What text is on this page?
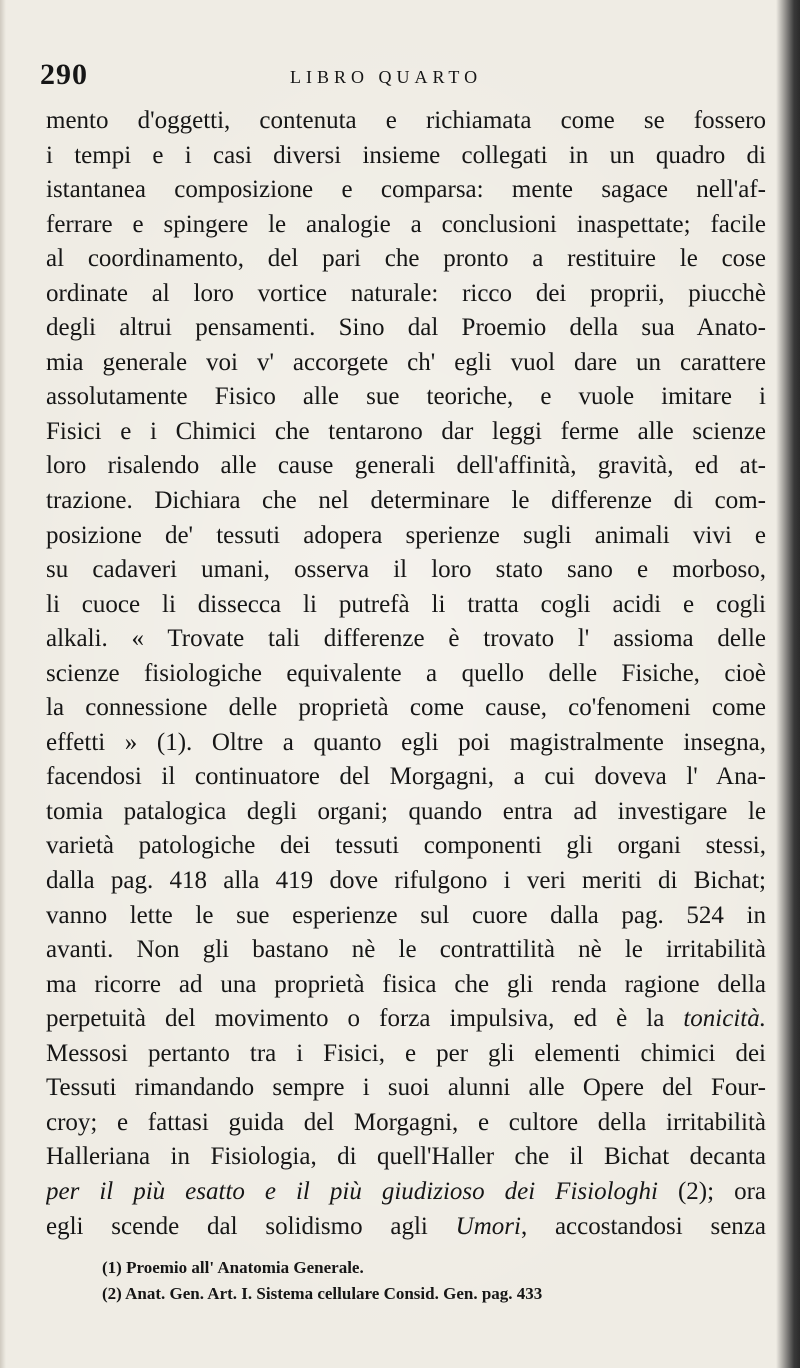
290	LIBRO QUARTO
mento d'oggetti, contenuta e richiamata come se fossero
i tempi e i casi diversi insieme collegati in un quadro di
istantanea composizione e comparsa: mente sagace nell'af-
ferrare e spingere le analogie a conclusioni inaspettate; facile
al coordinamento, del pari che pronto a restituire le cose
ordinate al loro vortice naturale: ricco dei proprii, piucchè
degli altrui pensamenti. Sino dal Proemio della sua Anato-
mia generale voi v' accorgete ch' egli vuol dare un carattere
assolutamente Fisico alle sue teoriche, e vuole imitare i
Fisici e i Chimici che tentarono dar leggi ferme alle scienze
loro risalendo alle cause generali dell'affinità, gravità, ed at-
trazione. Dichiara che nel determinare le differenze di com-
posizione de' tessuti adopera sperienze sugli animali vivi e
su cadaveri umani, osserva il loro stato sano e morboso,
li cuoce li dissecca li putrefà li tratta cogli acidi e cogli
alkali. « Trovate tali differenze è trovato l' assioma delle
scienze fisiologiche equivalente a quello delle Fisiche, cioè
la connessione delle proprietà come cause, co'fenomeni come
effetti » (1). Oltre a quanto egli poi magistralmente insegna,
facendosi il continuatore del Morgagni, a cui doveva l' Ana-
tomia patalogica degli organi; quando entra ad investigare le
varietà patologiche dei tessuti componenti gli organi stessi,
dalla pag. 418 alla 419 dove rifulgono i veri meriti di Bichat;
vanno lette le sue esperienze sul cuore dalla pag. 524 in
avanti. Non gli bastano nè le contrattilità nè le irritabilità
ma ricorre ad una proprietà fisica che gli renda ragione della
perpetuità del movimento o forza impulsiva, ed è la tonicità.
Messosi pertanto tra i Fisici, e per gli elementi chimici dei
Tessuti rimandando sempre i suoi alunni alle Opere del Four-
croy; e fattasi guida del Morgagni, e cultore della irritabilità
Halleriana in Fisiologia, di quell'Haller che il Bichat decanta
per il più esatto e il più giudizioso dei Fisiologhi (2); ora
egli scende dal solidismo agli Umori, accostandosi senza
(1) Proemio all' Anatomia Generale.
(2) Anat. Gen. Art. I. Sistema cellulare Consid. Gen. pag. 433
